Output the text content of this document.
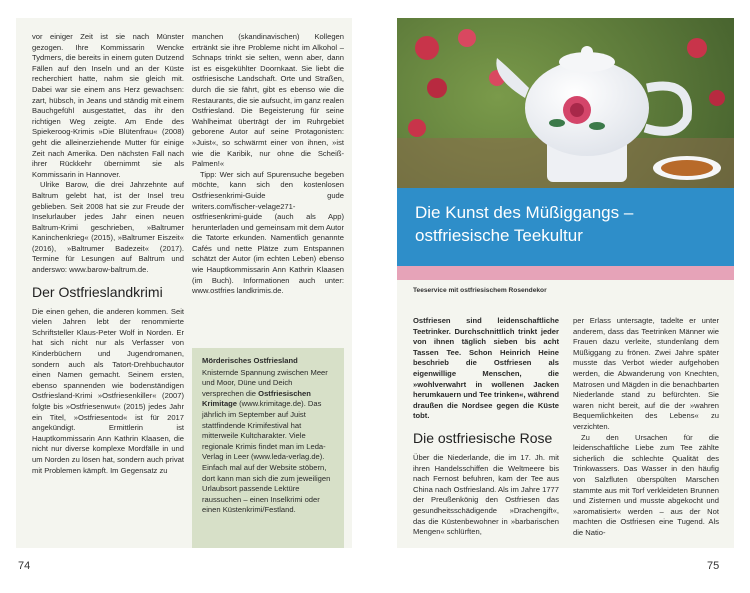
vor einiger Zeit ist sie nach Münster gezogen. Ihre Kommissarin Wencke Tydmers, die bereits in einem guten Dutzend Fällen auf den Inseln und an der Küste recherchiert hatte, nahm sie gleich mit. Dabei war sie einem ans Herz gewachsen: zart, hübsch, in Jeans und ständig mit einem Bauchgefühl ausgestattet, das ihr den richtigen Weg zeigte. Am Ende des Spiekeroog-Krimis »Die Blütenfrau« (2008) geht die alleinerziehende Mutter für einige Zeit nach Amerika. Den nächsten Fall nach ihrer Rückkehr übernimmt sie als Kommissarin in Hannover.

Ulrike Barow, die drei Jahrzehnte auf Baltrum gelebt hat, ist der Insel treu geblieben. Seit 2008 hat sie zur Freude der Inselurlauber jedes Jahr einen neuen Baltrum-Krimi geschrieben, »Baltrumer Kaninchenkrieg« (2015), »Baltrumer Eiszeit« (2016), »Baltrumer Badezeit« (2017). Termine für Lesungen auf Baltrum und anderswo: www.barow-baltrum.de.

Der Ostfrieslandkrimi

Die einen gehen, die anderen kommen. Seit vielen Jahren lebt der renommierte Schriftsteller Klaus-Peter Wolf in Norden. Er hat sich nicht nur als Verfasser von Kinderbüchern und Jugendromanen, sondern auch als Tatort-Drehbuchautor einen Namen gemacht. Seinem ersten, ebenso spannenden wie bodenständigen Ostfriesland-Krimi »Ostfriesenkiller« (2007) folgte bis »Ostfriesenwut« (2015) jedes Jahr ein Titel, »Ostfriesentod« ist für 2017 angekündigt. Ermittlerin ist Hauptkommissarin Ann Kathrin Klaasen, die nicht nur diverse komplexe Mordfälle in und um Norden zu lösen hat, sondern auch privat mit Problemen kämpft. Im Gegensatz zu

manchen (skandinavischen) Kollegen ertränkt sie ihre Probleme nicht im Alkohol – Schnaps trinkt sie selten, wenn aber, dann ist es eisgekühlter Doornkaat. Sie liebt die ostfriesische Landschaft. Orte und Straßen, durch die sie fährt, gibt es ebenso wie die Restaurants, die sie aufsucht, im ganz realen Ostfriesland. Die Begeisterung für seine Wahlheimat überträgt der im Ruhrgebiet geborene Autor auf seine Protagonisten: »Juist«, so schwärmt einer von ihnen, »ist wie die Karibik, nur ohne die Scheiß-Palmen!«

Tipp: Wer sich auf Spurensuche begeben möchte, kann sich den kostenlosen Ostfriesenkrimi-Guide gude writers.com/fischer-velage271-ostfriesenkrimi-guide (auch als App) herunterladen und gemeinsam mit dem Autor die Tatorte erkunden. Namentlich genannte Cafés und nette Plätze zum Entspannen schätzt der Autor (im echten Leben) ebenso wie Hauptkommissarin Ann Kathrin Klaasen (im Buch). Informationen auch unter: www.ostfries landkrimis.de.

Mörderisches Ostfriesland
Knisternde Spannung zwischen Meer und Moor, Düne und Deich versprechen die Ostfriesischen Krimitage (www.krimitage.de). Das jährlich im September auf Juist stattfindende Krimifestival hat mitterweile Kultcharakter. Viele regionale Krimis findet man im Leda-Verlag in Leer (www.leda-verlag.de). Einfach mal auf der Website stöbern, dort kann man sich die zum jeweiligen Urlaubsort passende Lektüre raussuchen – einen Inselkrimi oder einen Küstenkrimi/Festland.
74
Die Kunst des Müßiggangs – ostfriesische Teekultur
Teeservice mit ostfriesischem Rosendekor

Ostfriesen sind leidenschaftliche Teetrinker. Durchschnittlich trinkt jeder von ihnen täglich sieben bis acht Tassen Tee. Schon Heinrich Heine beschrieb die Ostfriesen als eigenwillige Menschen, die »wohlverwahrt in wollenen Jacken herumkauern und Tee trinken«, während draußen die Nordsee gegen die Küste tobt.

Die ostfriesische Rose

Über die Niederlande, die im 17. Jh. mit ihren Handelsschiffen die Weltmeere bis nach Fernost befuhren, kam der Tee aus China nach Ostfriesland. Als im Jahre 1777 der Preußenkönig den Ostfriesen das gesundheitsschädigende »Drachengift«, das die Küstenbewohner in »barbarischen Mengen« schlürften,

per Erlass untersagte, tadelte er unter anderem, dass das Teetrinken Männer wie Frauen dazu verleite, stundenlang dem Müßiggang zu frönen. Zwei Jahre später musste das Verbot wieder aufgehoben werden, die Abwanderung von Knechten, Matrosen und Mägden in die benachbarten Niederlande stand zu befürchten. Sie waren nicht bereit, auf die der »wahren Bequemlichkeiten des Lebens« zu verzichten.

Zu den Ursachen für die leidenschaftliche Liebe zum Tee zählte sicherlich die schlechte Qualität des Trinkwassers. Das Wasser in den häufig von Salzfluten überspülten Marschen stammte aus mit Torf verkleideten Brunnen und Zisternen und musste abgekocht und »aromatisiert« werden – aus der Not machten die Ostfriesen eine Tugend. Als die Natio-

75
